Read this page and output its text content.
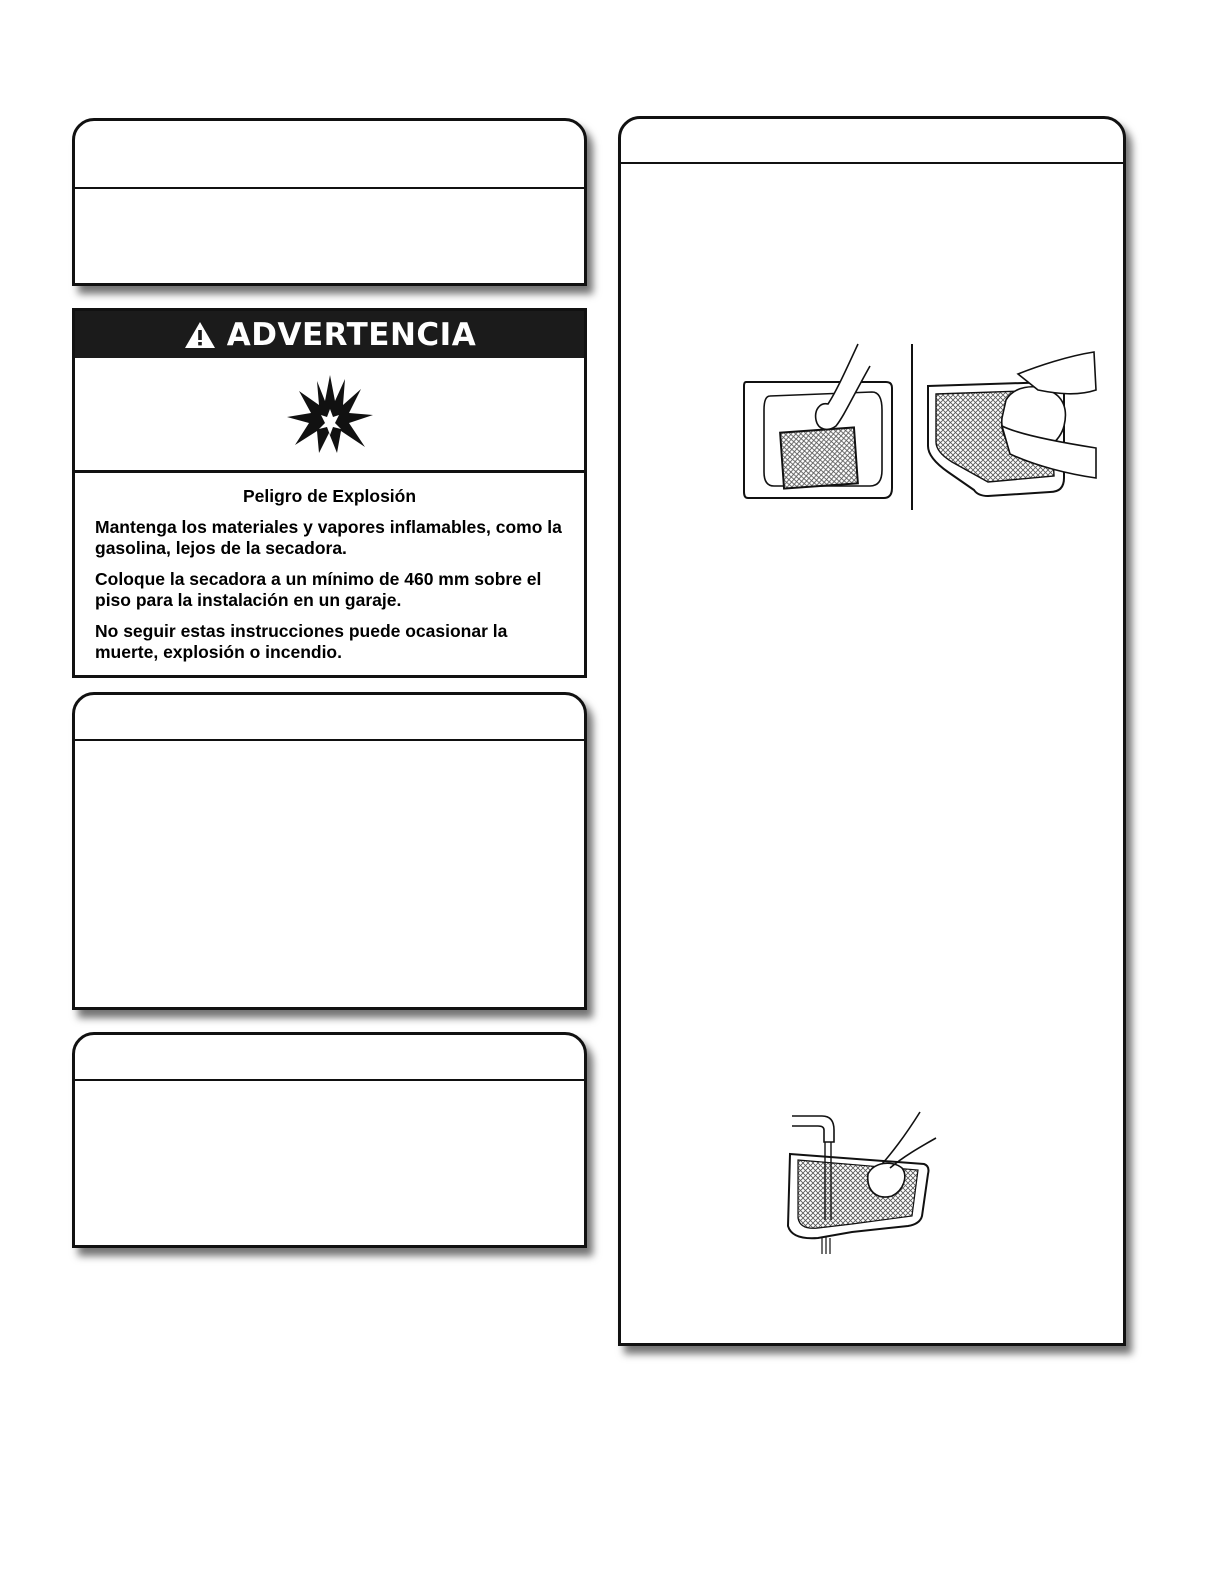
ADVERTENCIA

Peligro de Explosión

Mantenga los materiales y vapores inflamables, como la gasolina, lejos de la secadora.

Coloque la secadora a un mínimo de 460 mm sobre el piso para la instalación en un garaje.

No seguir estas instrucciones puede ocasionar la muerte, explosión o incendio.
